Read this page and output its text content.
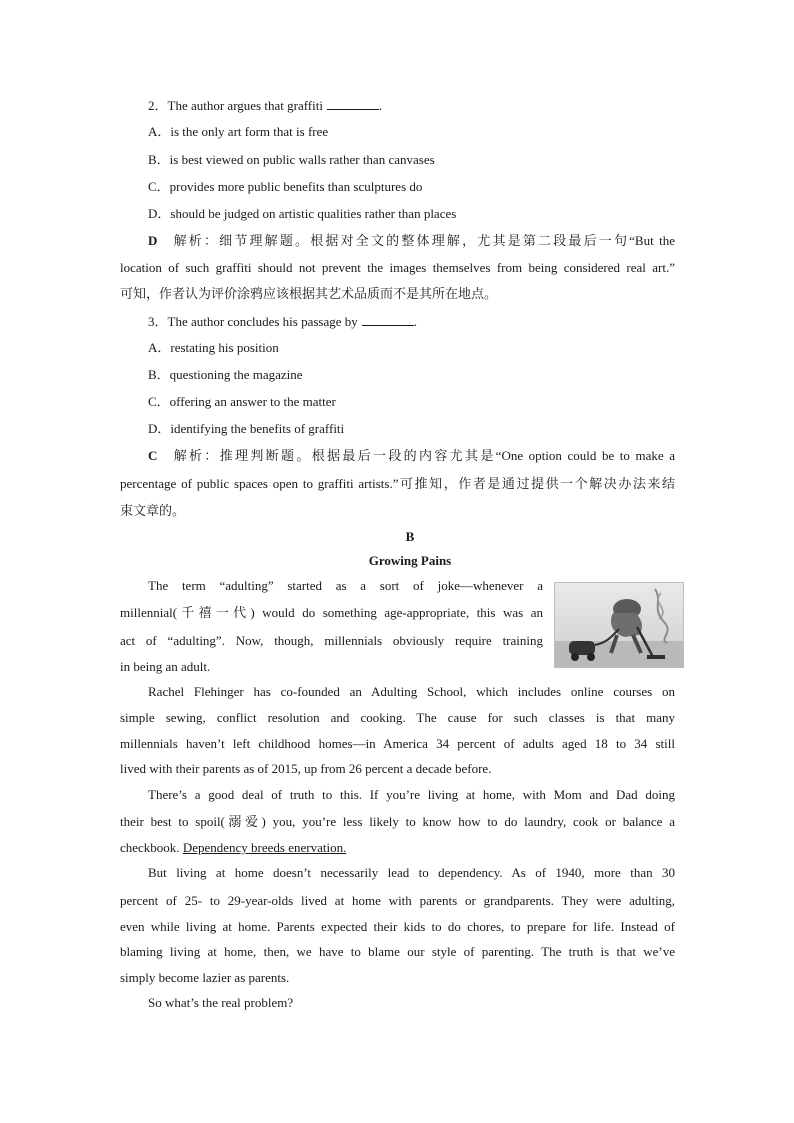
2．The author argues that graffiti	.
A．is the only art form that is free
B．is best viewed on public walls rather than canvases
C．provides more public benefits than sculptures do
D．should be judged on artistic qualities rather than places
D 解析：细节理解题。根据对全文的整体理解，尤其是第二段最后一句“But the
location of such graffiti should not prevent the images themselves from being considered real art.”
可知，作者认为评价涂鸦应该根据其艺术品质而不是其所在地点。
3．The author concludes his passage by	.
A．restating his position
B．questioning the magazine
C．offering an answer to the matter
D．identifying the benefits of graffiti
C 解析：推理判断题。根据最后一段的内容尤其是“One option could be to make a
percentage of public spaces open to graffiti artists.”可推知，作者是通过提供一个解决办法来结
束文章的。
B
Growing Pains
The term “adulting” started as a sort of joke—whenever a
millennial(千禧一代) would do something age-appropriate, this was an
act of “adulting”. Now, though, millennials obviously require training
in being an adult.
Rachel Flehinger has co-founded an Adulting School, which includes online courses on
simple sewing, conflict resolution and cooking. The cause for such classes is that many
millennials haven’t left childhood homes—in America 34 percent of adults aged 18 to 34 still
lived with their parents as of 2015, up from 26 percent a decade before.
There’s a good deal of truth to this. If you’re living at home, with Mom and Dad doing
their best to spoil(溺爱) you, you’re less likely to know how to do laundry, cook or balance a
checkbook. Dependency breeds enervation.
But living at home doesn’t necessarily lead to dependency. As of 1940, more than 30
percent of 25- to 29-year-olds lived at home with parents or grandparents. They were adulting,
even while living at home. Parents expected their kids to do chores, to prepare for life. Instead of
blaming living at home, then, we have to blame our style of parenting. The truth is that we’ve
simply become lazier as parents.
So what’s the real problem?
